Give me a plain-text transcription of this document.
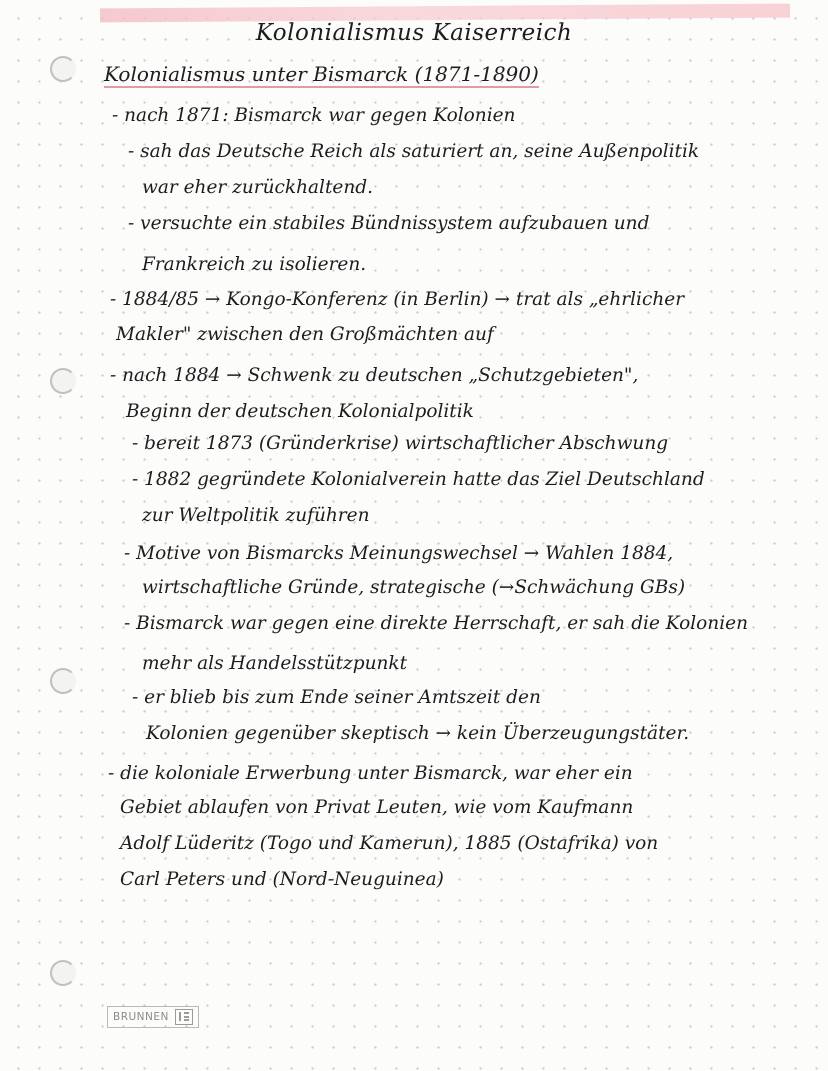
Kolonialismus Kaiserreich
Kolonialismus unter Bismarck (1871-1890)
- nach 1871: Bismarck war gegen Kolonien
- sah das Deutsche Reich als saturiert an, seine Außenpolitik
war eher zurückhaltend.
- versuchte ein stabiles Bündnissystem aufzubauen und
Frankreich zu isolieren.
- 1884/85 → Kongo-Konferenz (in Berlin) → trat als „ehrlicher
Makler" zwischen den Großmächten auf
- nach 1884 → Schwenk zu deutschen „Schutzgebieten",
Beginn der deutschen Kolonialpolitik
- bereit 1873 (Gründerkrise) wirtschaftlicher Abschwung
- 1882 gegründete Kolonialverein hatte das Ziel Deutschland
zur Weltpolitik zuführen
- Motive von Bismarcks Meinungswechsel → Wahlen 1884,
wirtschaftliche Gründe, strategische (→Schwächung GBs)
- Bismarck war gegen eine direkte Herrschaft, er sah die Kolonien
mehr als Handelsstützpunkt
- er blieb bis zum Ende seiner Amtszeit den
Kolonien gegenüber skeptisch → kein Überzeugungstäter.
- die koloniale Erwerbung unter Bismarck, war eher ein
Gebiet ablaufen von Privat Leuten, wie vom Kaufmann
Adolf Lüderitz (Togo und Kamerun), 1885 (Ostafrika) von
Carl Peters und (Nord-Neuguinea)
BRUNNEN
